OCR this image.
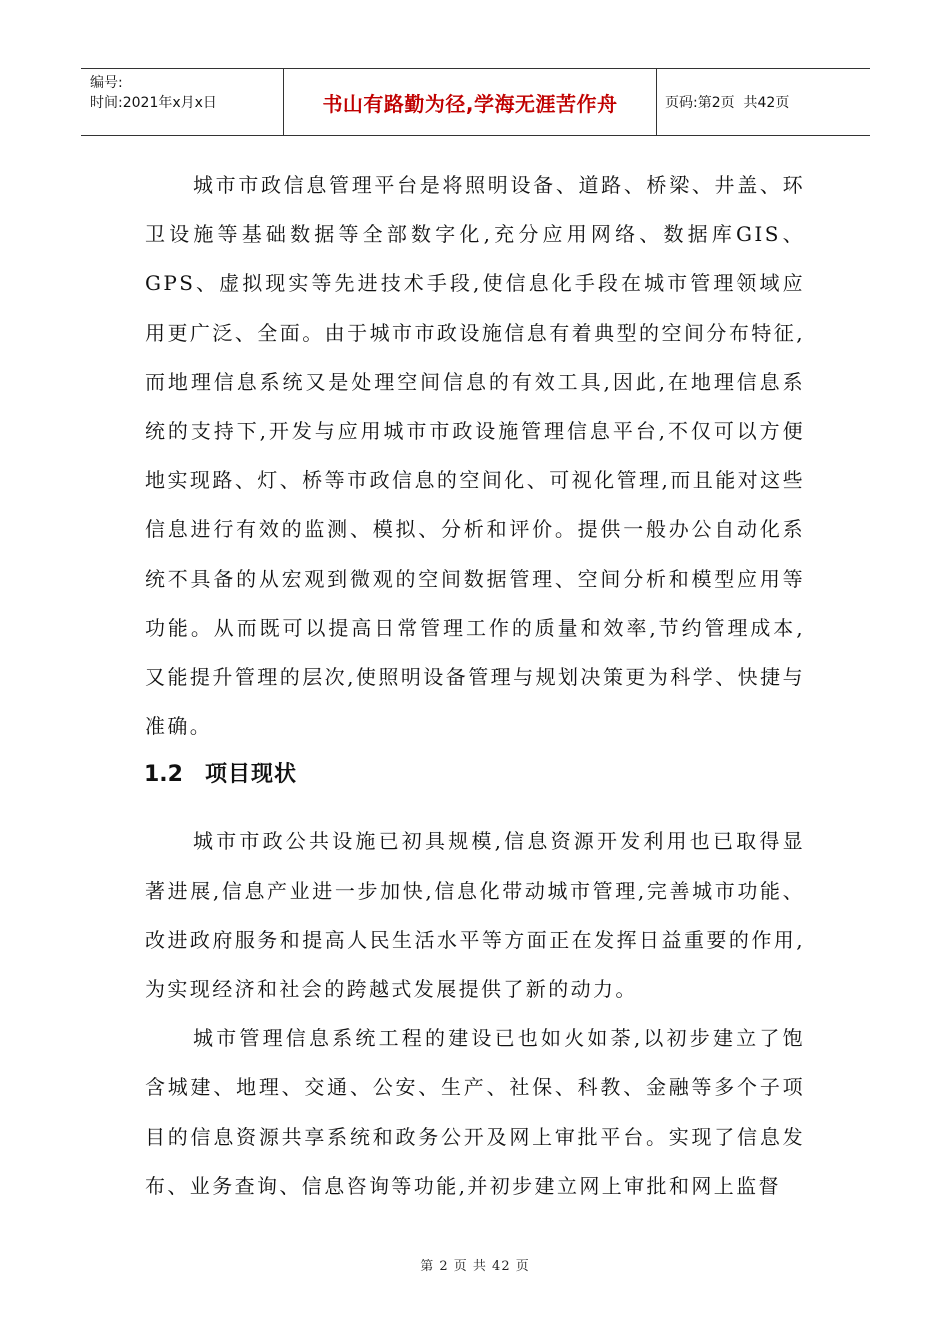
编号:
时间:2021年x月x日	书山有路勤为径,学海无涯苦作舟	页码:第2页  共42页

城市市政信息管理平台是将照明设备、道路、桥梁、井盖、环卫设施等基础数据等全部数字化,充分应用网络、数据库GIS、GPS、虚拟现实等先进技术手段,使信息化手段在城市管理领域应用更广泛、全面。由于城市市政设施信息有着典型的空间分布特征,而地理信息系统又是处理空间信息的有效工具,因此,在地理信息系统的支持下,开发与应用城市市政设施管理信息平台,不仅可以方便地实现路、灯、桥等市政信息的空间化、可视化管理,而且能对这些信息进行有效的监测、模拟、分析和评价。提供一般办公自动化系统不具备的从宏观到微观的空间数据管理、空间分析和模型应用等功能。从而既可以提高日常管理工作的质量和效率,节约管理成本,又能提升管理的层次,使照明设备管理与规划决策更为科学、快捷与准确。

1.2 项目现状

城市市政公共设施已初具规模,信息资源开发利用也已取得显著进展,信息产业进一步加快,信息化带动城市管理,完善城市功能、改进政府服务和提高人民生活水平等方面正在发挥日益重要的作用,为实现经济和社会的跨越式发展提供了新的动力。

城市管理信息系统工程的建设已也如火如荼,以初步建立了饱含城建、地理、交通、公安、生产、社保、科教、金融等多个子项目的信息资源共享系统和政务公开及网上审批平台。实现了信息发布、业务查询、信息咨询等功能,并初步建立网上审批和网上监督

第 2 页 共 42 页
